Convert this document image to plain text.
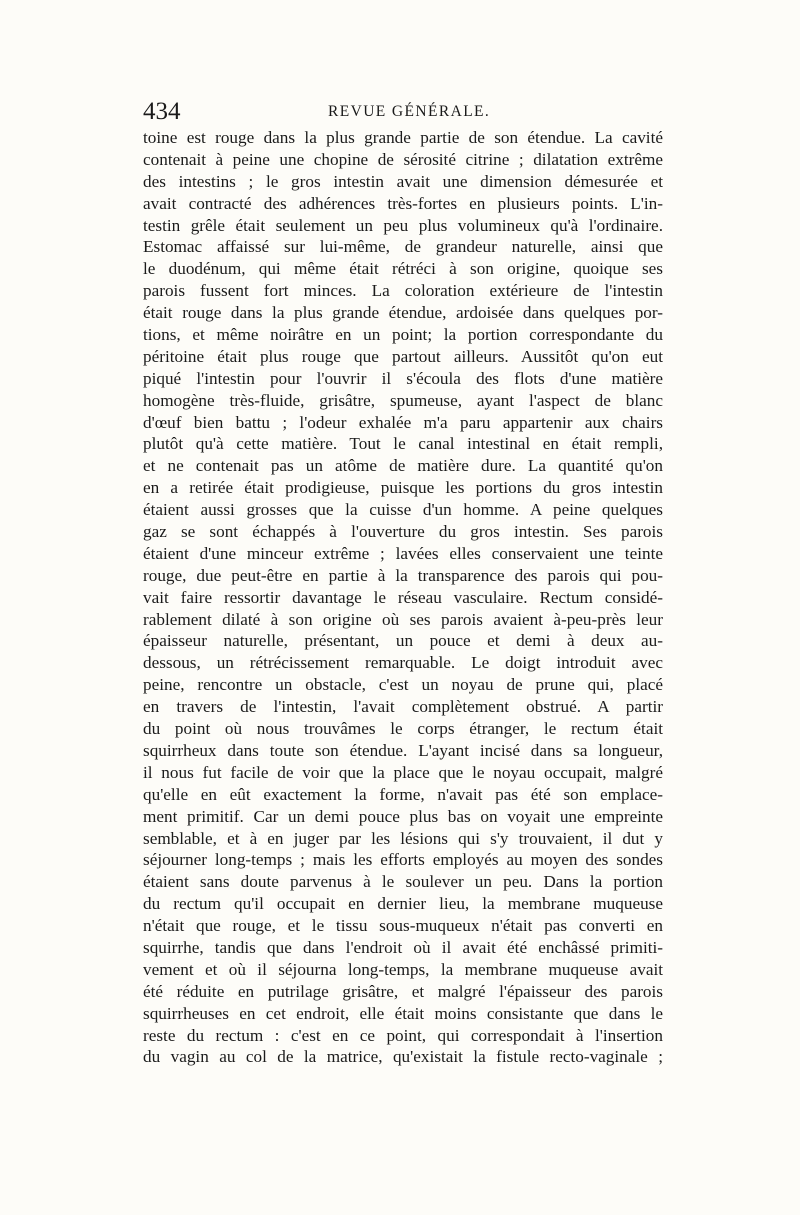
434	REVUE GÉNÉRALE.
toine est rouge dans la plus grande partie de son étendue. La cavité
contenait à peine une chopine de sérosité citrine ; dilatation extrême
des intestins ; le gros intestin avait une dimension démesurée et
avait contracté des adhérences très-fortes en plusieurs points. L'in-
testin grêle était seulement un peu plus volumineux qu'à l'ordinaire.
Estomac affaissé sur lui-même, de grandeur naturelle, ainsi que
le duodénum, qui même était rétréci à son origine, quoique ses
parois fussent fort minces. La coloration extérieure de l'intestin
était rouge dans la plus grande étendue, ardoisée dans quelques por-
tions, et même noirâtre en un point; la portion correspondante du
péritoine était plus rouge que partout ailleurs. Aussitôt qu'on eut
piqué l'intestin pour l'ouvrir il s'écoula des flots d'une matière
homogène très-fluide, grisâtre, spumeuse, ayant l'aspect de blanc
d'œuf bien battu ; l'odeur exhalée m'a paru appartenir aux chairs
plutôt qu'à cette matière. Tout le canal intestinal en était rempli,
et ne contenait pas un atôme de matière dure. La quantité qu'on
en a retirée était prodigieuse, puisque les portions du gros intestin
étaient aussi grosses que la cuisse d'un homme. A peine quelques
gaz se sont échappés à l'ouverture du gros intestin. Ses parois
étaient d'une minceur extrême ; lavées elles conservaient une teinte
rouge, due peut-être en partie à la transparence des parois qui pou-
vait faire ressortir davantage le réseau vasculaire. Rectum considé-
rablement dilaté à son origine où ses parois avaient à-peu-près leur
épaisseur naturelle, présentant, un pouce et demi à deux au-
dessous, un rétrécissement remarquable. Le doigt introduit avec
peine, rencontre un obstacle, c'est un noyau de prune qui, placé
en travers de l'intestin, l'avait complètement obstrué. A partir
du point où nous trouvâmes le corps étranger, le rectum était
squirrheux dans toute son étendue. L'ayant incisé dans sa longueur,
il nous fut facile de voir que la place que le noyau occupait, malgré
qu'elle en eût exactement la forme, n'avait pas été son emplace-
ment primitif. Car un demi pouce plus bas on voyait une empreinte
semblable, et à en juger par les lésions qui s'y trouvaient, il dut y
séjourner long-temps ; mais les efforts employés au moyen des sondes
étaient sans doute parvenus à le soulever un peu. Dans la portion
du rectum qu'il occupait en dernier lieu, la membrane muqueuse
n'était que rouge, et le tissu sous-muqueux n'était pas converti en
squirrhe, tandis que dans l'endroit où il avait été enchâssé primiti-
vement et où il séjourna long-temps, la membrane muqueuse avait
été réduite en putrilage grisâtre, et malgré l'épaisseur des parois
squirrheuses en cet endroit, elle était moins consistante que dans le
reste du rectum : c'est en ce point, qui correspondait à l'insertion
du vagin au col de la matrice, qu'existait la fistule recto-vaginale ;
